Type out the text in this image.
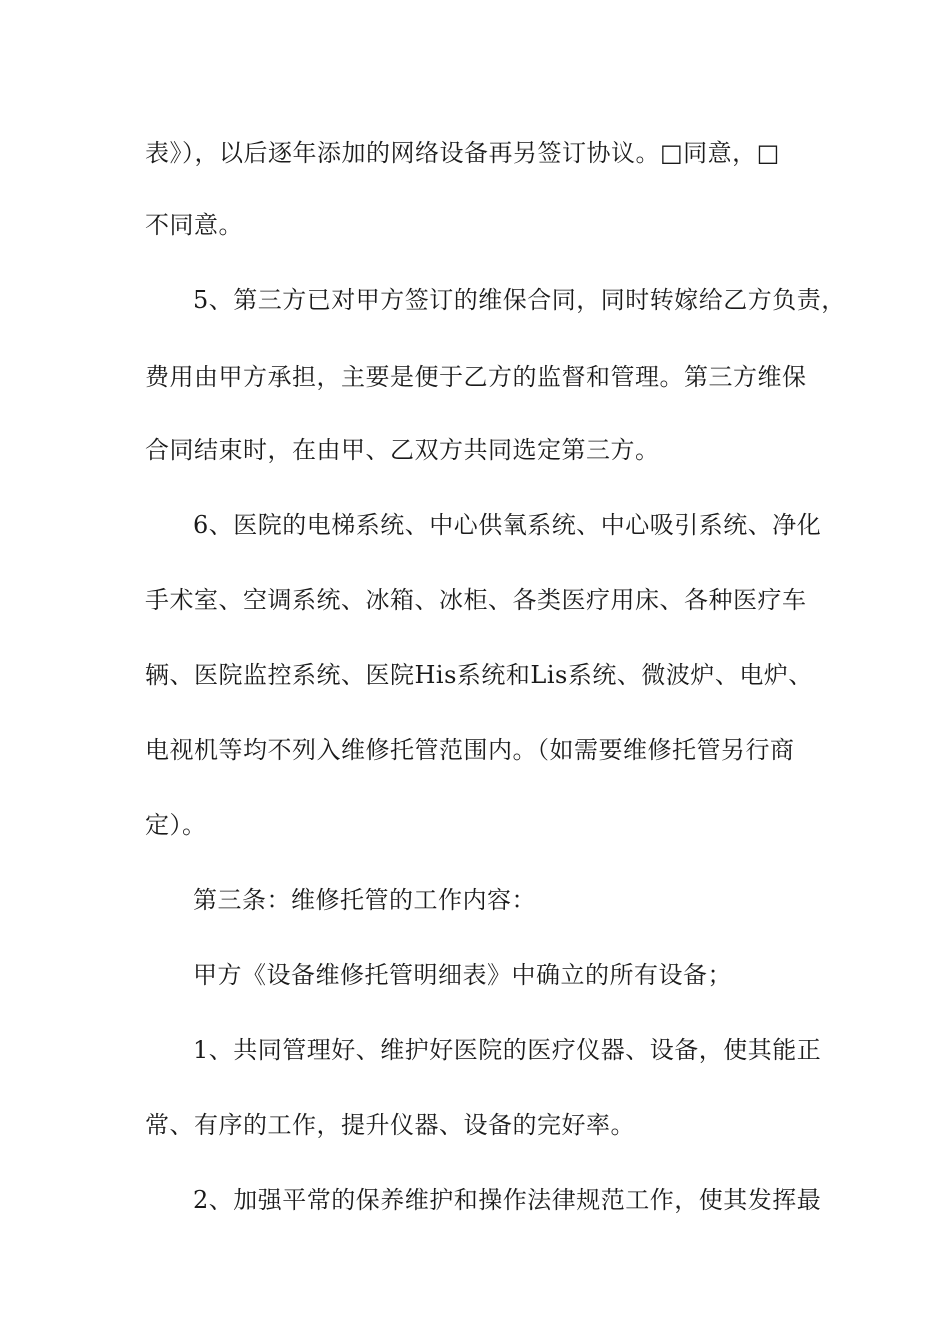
表》），以后逐年添加的网络设备再另签订协议。□同意，□
不同意。
5、第三方已对甲方签订的维保合同，同时转嫁给乙方负责，
费用由甲方承担，主要是便于乙方的监督和管理。第三方维保
合同结束时，在由甲、乙双方共同选定第三方。
6、医院的电梯系统、中心供氧系统、中心吸引系统、净化
手术室、空调系统、冰箱、冰柜、各类医疗用床、各种医疗车
辆、医院监控系统、医院His系统和Lis系统、微波炉、电炉、
电视机等均不列入维修托管范围内。（如需要维修托管另行商
定）。
第三条：维修托管的工作内容：
甲方《设备维修托管明细表》中确立的所有设备；
1、共同管理好、维护好医院的医疗仪器、设备，使其能正
常、有序的工作，提升仪器、设备的完好率。
2、加强平常的保养维护和操作法律规范工作，使其发挥最
